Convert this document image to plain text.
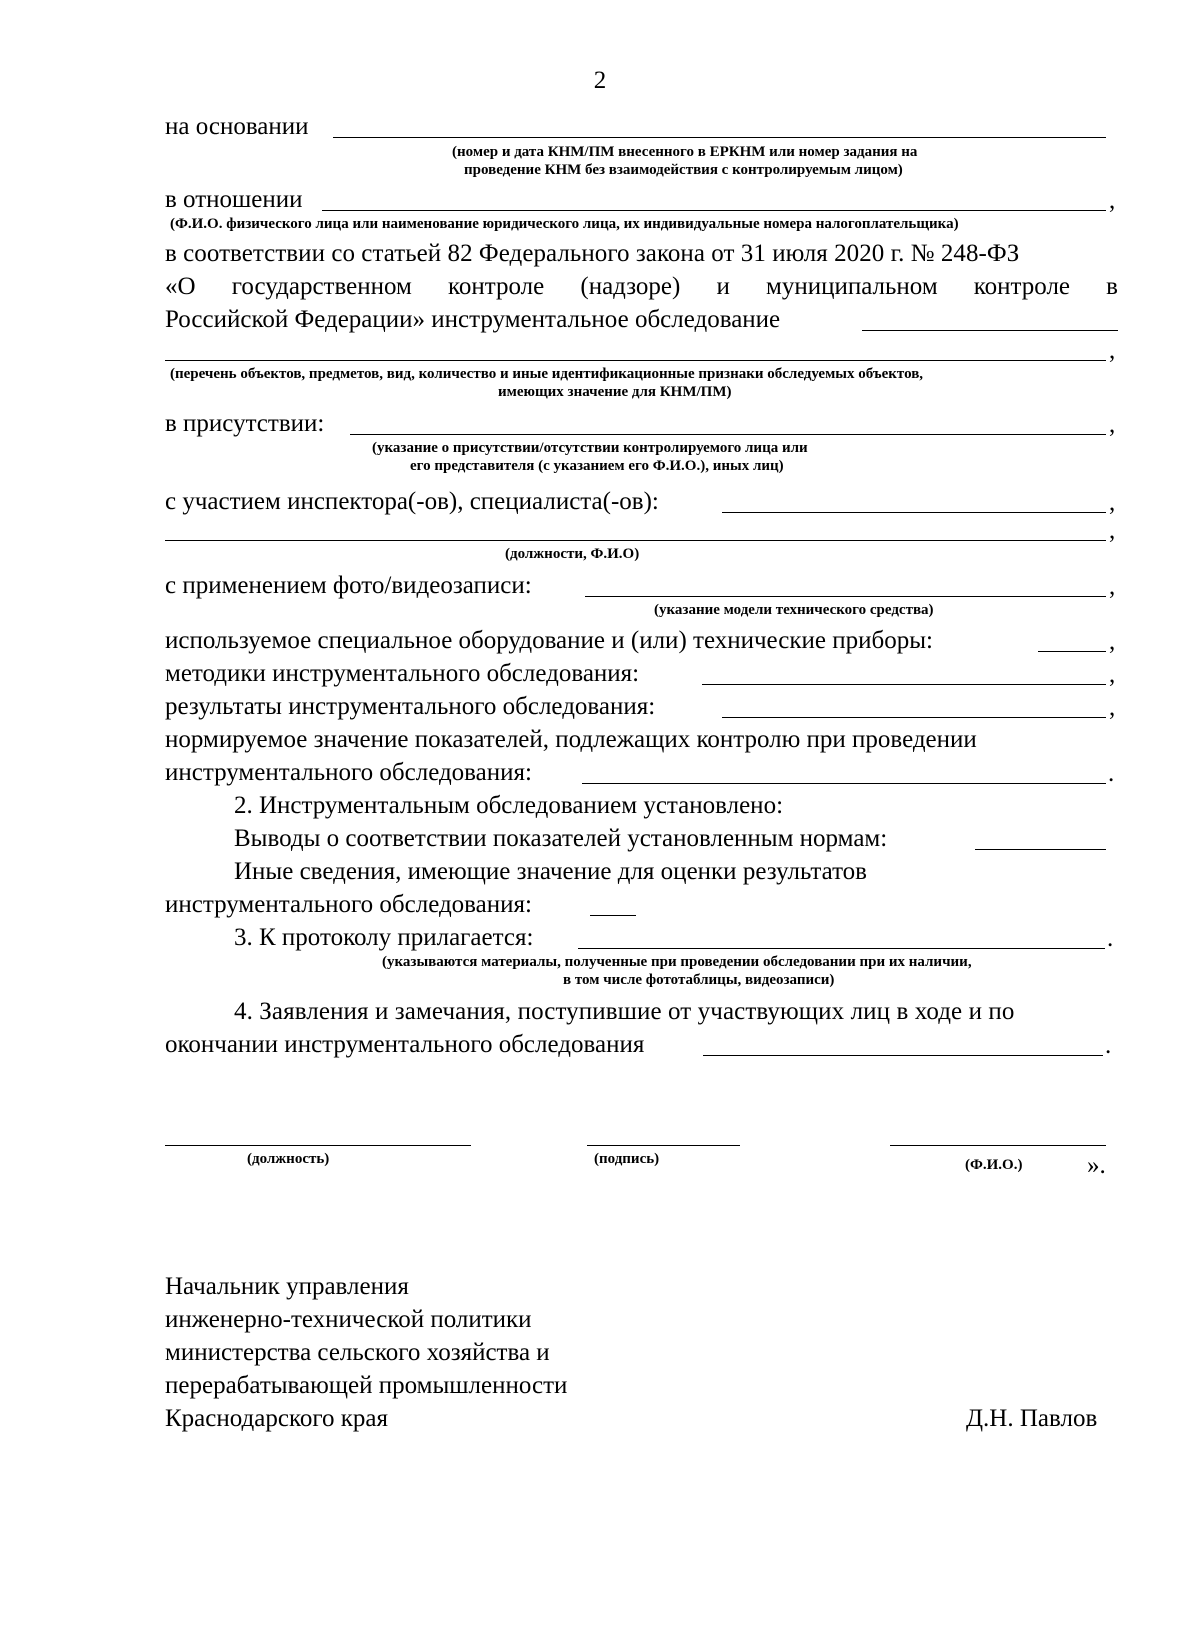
2
на основании
(номер и дата КНМ/ПМ внесенного в ЕРКНМ или номер задания на
проведение КНМ без взаимодействия с контролируемым лицом)
в отношении	,
(Ф.И.О. физического лица или наименование юридического лица, их индивидуальные номера налогоплательщика)
в соответствии со статьей 82 Федерального закона от 31 июля 2020 г. № 248-ФЗ
«О государственном контроле (надзоре) и муниципальном контроле в
Российской Федерации» инструментальное обследование
,
(перечень объектов, предметов, вид, количество и иные идентификационные признаки обследуемых объектов,
имеющих значение для КНМ/ПМ)
в присутствии:	,
(указание о присутствии/отсутствии контролируемого лица или
его представителя (с указанием его Ф.И.О.), иных лиц)
с участием инспектора(-ов), специалиста(-ов):	,
,
(должности, Ф.И.О)
с применением фото/видеозаписи:	,
(указание модели технического средства)
используемое специальное оборудование и (или) технические приборы:	,
методики инструментального обследования:	,
результаты инструментального обследования:	,
нормируемое значение показателей, подлежащих контролю при проведении
инструментального обследования:	.
2. Инструментальным обследованием установлено:
Выводы о соответствии показателей установленным нормам:
Иные сведения, имеющие значение для оценки результатов
инструментального обследования:
3. К протоколу прилагается:	.
(указываются материалы, полученные при проведении обследовании при их наличии,
в том числе фототаблицы, видеозаписи)
4. Заявления и замечания, поступившие от участвующих лиц в ходе и по
окончании инструментального обследования	.
(должность)	(подпись)	(Ф.И.О.)	».
Начальник управления
инженерно-технической политики
министерства сельского хозяйства и
перерабатывающей промышленности
Краснодарского края	Д.Н. Павлов
